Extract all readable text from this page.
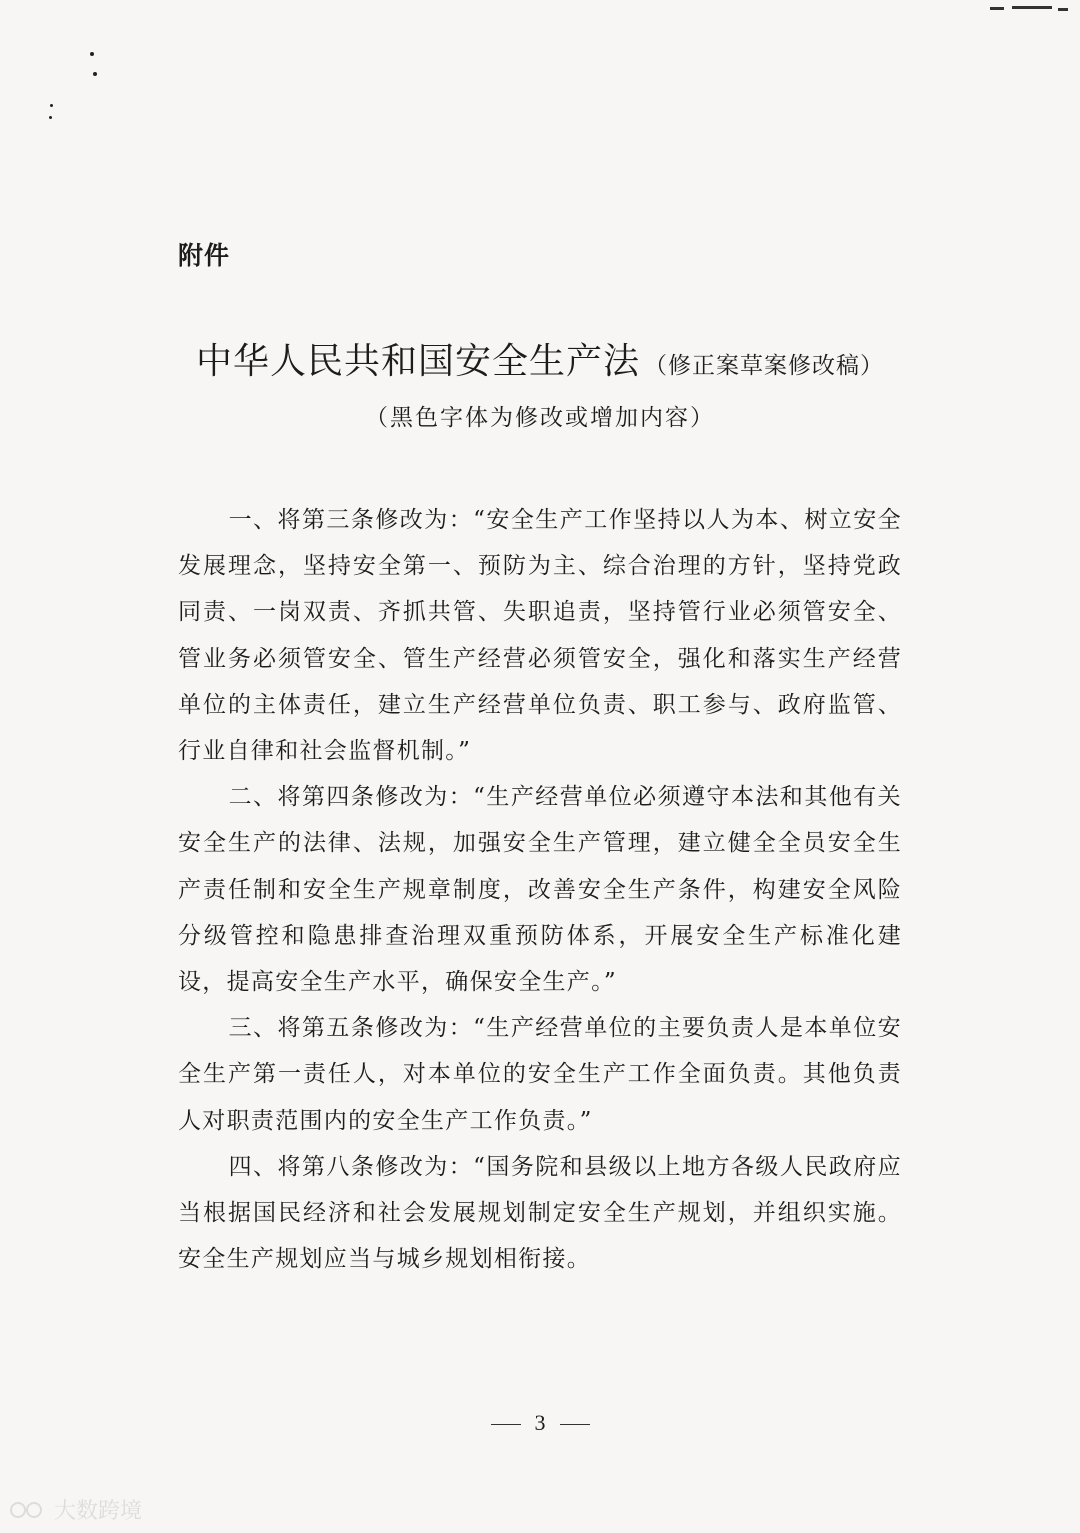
附件
中华人民共和国安全生产法 （修正案草案修改稿）
（黑色字体为修改或增加内容）

一、将第三条修改为：“安全生产工作坚持以人为本、树立安全发展理念，坚持安全第一、预防为主、综合治理的方针，坚持党政同责、一岗双责、齐抓共管、失职追责，坚持管行业必须管安全、管业务必须管安全、管生产经营必须管安全，强化和落实生产经营单位的主体责任，建立生产经营单位负责、职工参与、政府监管、行业自律和社会监督机制。”

二、将第四条修改为：“生产经营单位必须遵守本法和其他有关安全生产的法律、法规，加强安全生产管理，建立健全全员安全生产责任制和安全生产规章制度，改善安全生产条件，构建安全风险分级管控和隐患排查治理双重预防体系，开展安全生产标准化建设，提高安全生产水平，确保安全生产。”

三、将第五条修改为：“生产经营单位的主要负责人是本单位安全生产第一责任人，对本单位的安全生产工作全面负责。其他负责人对职责范围内的安全生产工作负责。”

四、将第八条修改为：“国务院和县级以上地方各级人民政府应当根据国民经济和社会发展规划制定安全生产规划，并组织实施。安全生产规划应当与城乡规划相衔接。

3
大数跨境
